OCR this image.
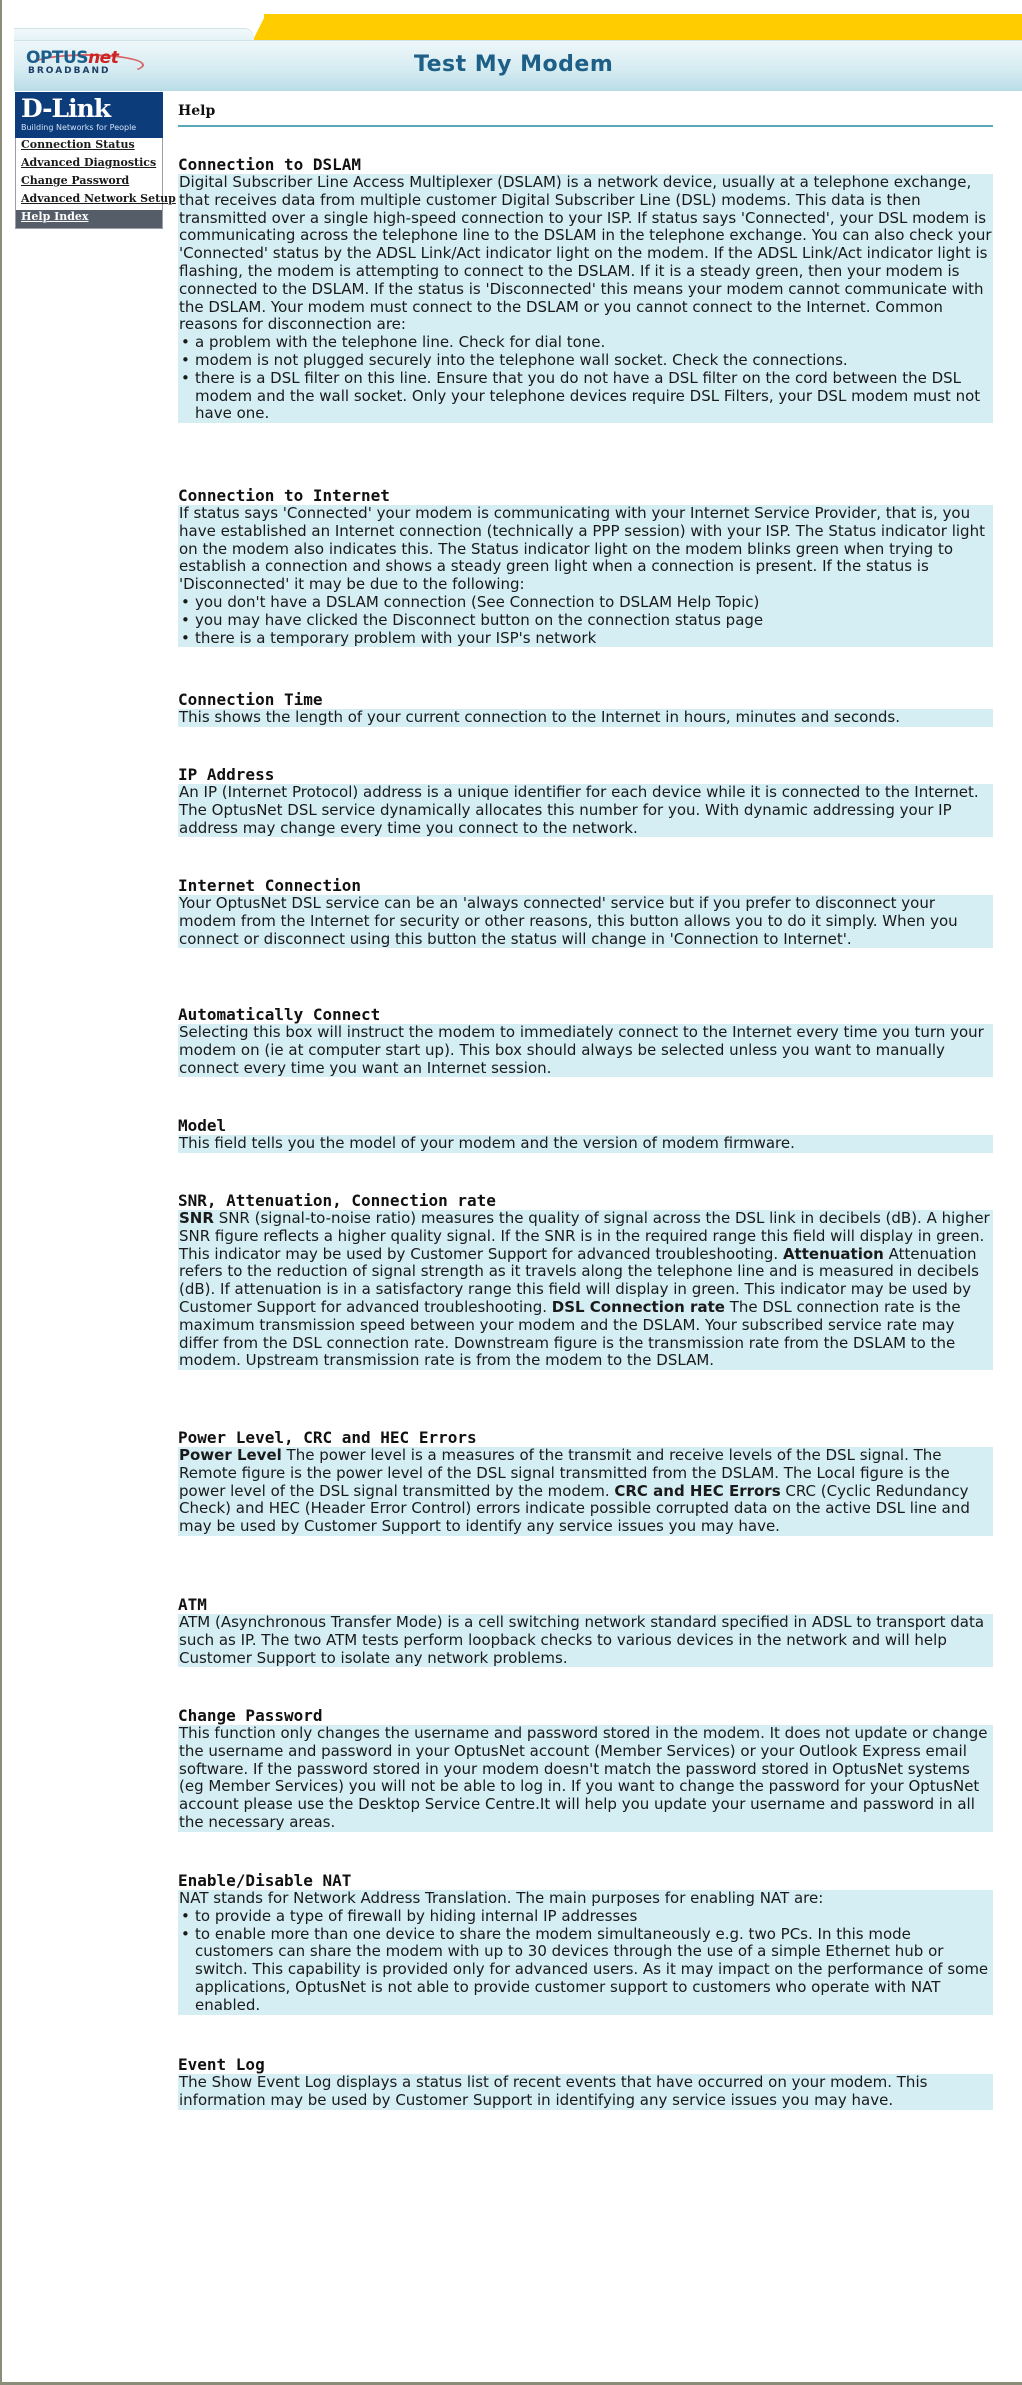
OPTUSnet
BROADBAND	Test My Modem
D-Link
Building Networks for People
Connection Status
Advanced Diagnostics
Change Password
Advanced Network Setup
Help Index
Help
Connection to DSLAM
Digital Subscriber Line Access Multiplexer (DSLAM) is a network device, usually at a telephone exchange, that receives data from multiple customer Digital Subscriber Line (DSL) modems. This data is then transmitted over a single high-speed connection to your ISP. If status says 'Connected', your DSL modem is communicating across the telephone line to the DSLAM in the telephone exchange. You can also check your 'Connected' status by the ADSL Link/Act indicator light on the modem. If the ADSL Link/Act indicator light is flashing, the modem is attempting to connect to the DSLAM. If it is a steady green, then your modem is connected to the DSLAM. If the status is 'Disconnected' this means your modem cannot communicate with the DSLAM. Your modem must connect to the DSLAM or you cannot connect to the Internet. Common reasons for disconnection are:
• a problem with the telephone line. Check for dial tone.
• modem is not plugged securely into the telephone wall socket. Check the connections.
• there is a DSL filter on this line. Ensure that you do not have a DSL filter on the cord between the DSL modem and the wall socket. Only your telephone devices require DSL Filters, your DSL modem must not have one.
Connection to Internet
If status says 'Connected' your modem is communicating with your Internet Service Provider, that is, you have established an Internet connection (technically a PPP session) with your ISP. The Status indicator light on the modem also indicates this. The Status indicator light on the modem blinks green when trying to establish a connection and shows a steady green light when a connection is present. If the status is 'Disconnected' it may be due to the following:
• you don't have a DSLAM connection (See Connection to DSLAM Help Topic)
• you may have clicked the Disconnect button on the connection status page
• there is a temporary problem with your ISP's network
Connection Time
This shows the length of your current connection to the Internet in hours, minutes and seconds.
IP Address
An IP (Internet Protocol) address is a unique identifier for each device while it is connected to the Internet. The OptusNet DSL service dynamically allocates this number for you. With dynamic addressing your IP address may change every time you connect to the network.
Internet Connection
Your OptusNet DSL service can be an 'always connected' service but if you prefer to disconnect your modem from the Internet for security or other reasons, this button allows you to do it simply. When you connect or disconnect using this button the status will change in 'Connection to Internet'.
Automatically Connect
Selecting this box will instruct the modem to immediately connect to the Internet every time you turn your modem on (ie at computer start up). This box should always be selected unless you want to manually connect every time you want an Internet session.
Model
This field tells you the model of your modem and the version of modem firmware.
SNR, Attenuation, Connection rate
SNR SNR (signal-to-noise ratio) measures the quality of signal across the DSL link in decibels (dB). A higher SNR figure reflects a higher quality signal. If the SNR is in the required range this field will display in green. This indicator may be used by Customer Support for advanced troubleshooting. Attenuation Attenuation refers to the reduction of signal strength as it travels along the telephone line and is measured in decibels (dB). If attenuation is in a satisfactory range this field will display in green. This indicator may be used by Customer Support for advanced troubleshooting. DSL Connection rate The DSL connection rate is the maximum transmission speed between your modem and the DSLAM. Your subscribed service rate may differ from the DSL connection rate. Downstream figure is the transmission rate from the DSLAM to the modem. Upstream transmission rate is from the modem to the DSLAM.
Power Level, CRC and HEC Errors
Power Level The power level is a measures of the transmit and receive levels of the DSL signal. The Remote figure is the power level of the DSL signal transmitted from the DSLAM. The Local figure is the power level of the DSL signal transmitted by the modem. CRC and HEC Errors CRC (Cyclic Redundancy Check) and HEC (Header Error Control) errors indicate possible corrupted data on the active DSL line and may be used by Customer Support to identify any service issues you may have.
ATM
ATM (Asynchronous Transfer Mode) is a cell switching network standard specified in ADSL to transport data such as IP. The two ATM tests perform loopback checks to various devices in the network and will help Customer Support to isolate any network problems.
Change Password
This function only changes the username and password stored in the modem. It does not update or change the username and password in your OptusNet account (Member Services) or your Outlook Express email software. If the password stored in your modem doesn't match the password stored in OptusNet systems (eg Member Services) you will not be able to log in. If you want to change the password for your OptusNet account please use the Desktop Service Centre.It will help you update your username and password in all the necessary areas.
Enable/Disable NAT
NAT stands for Network Address Translation. The main purposes for enabling NAT are:
• to provide a type of firewall by hiding internal IP addresses
• to enable more than one device to share the modem simultaneously e.g. two PCs. In this mode customers can share the modem with up to 30 devices through the use of a simple Ethernet hub or switch. This capability is provided only for advanced users. As it may impact on the performance of some applications, OptusNet is not able to provide customer support to customers who operate with NAT enabled.
Event Log
The Show Event Log displays a status list of recent events that have occurred on your modem. This information may be used by Customer Support in identifying any service issues you may have.
